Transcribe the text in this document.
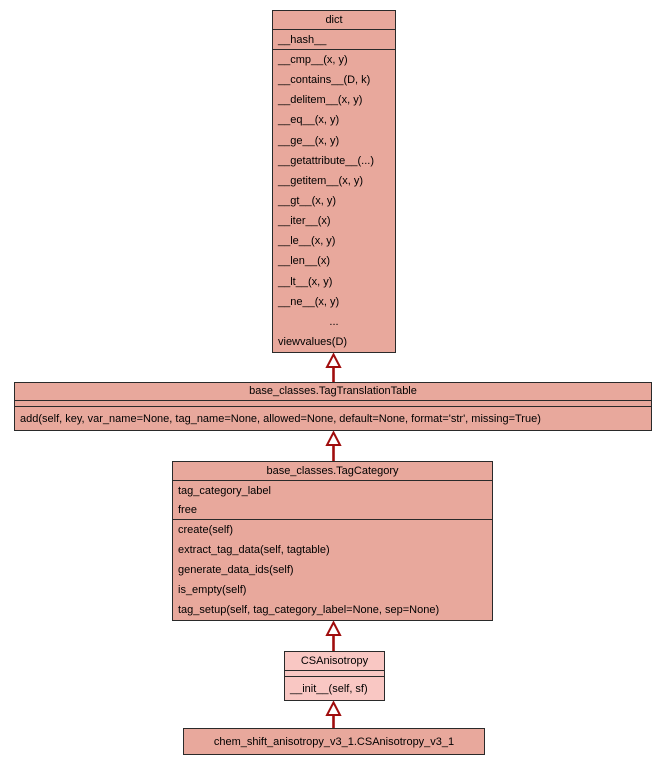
dict
__hash__
__cmp__(x, y)
__contains__(D, k)
__delitem__(x, y)
__eq__(x, y)
__ge__(x, y)
__getattribute__(...)
__getitem__(x, y)
__gt__(x, y)
__iter__(x)
__le__(x, y)
__len__(x)
__lt__(x, y)
__ne__(x, y)
...
viewvalues(D)
base_classes.TagTranslationTable
add(self, key, var_name=None, tag_name=None, allowed=None, default=None, format='str', missing=True)
base_classes.TagCategory
tag_category_label
free
create(self)
extract_tag_data(self, tagtable)
generate_data_ids(self)
is_empty(self)
tag_setup(self, tag_category_label=None, sep=None)
CSAnisotropy
__init__(self, sf)
chem_shift_anisotropy_v3_1.CSAnisotropy_v3_1
